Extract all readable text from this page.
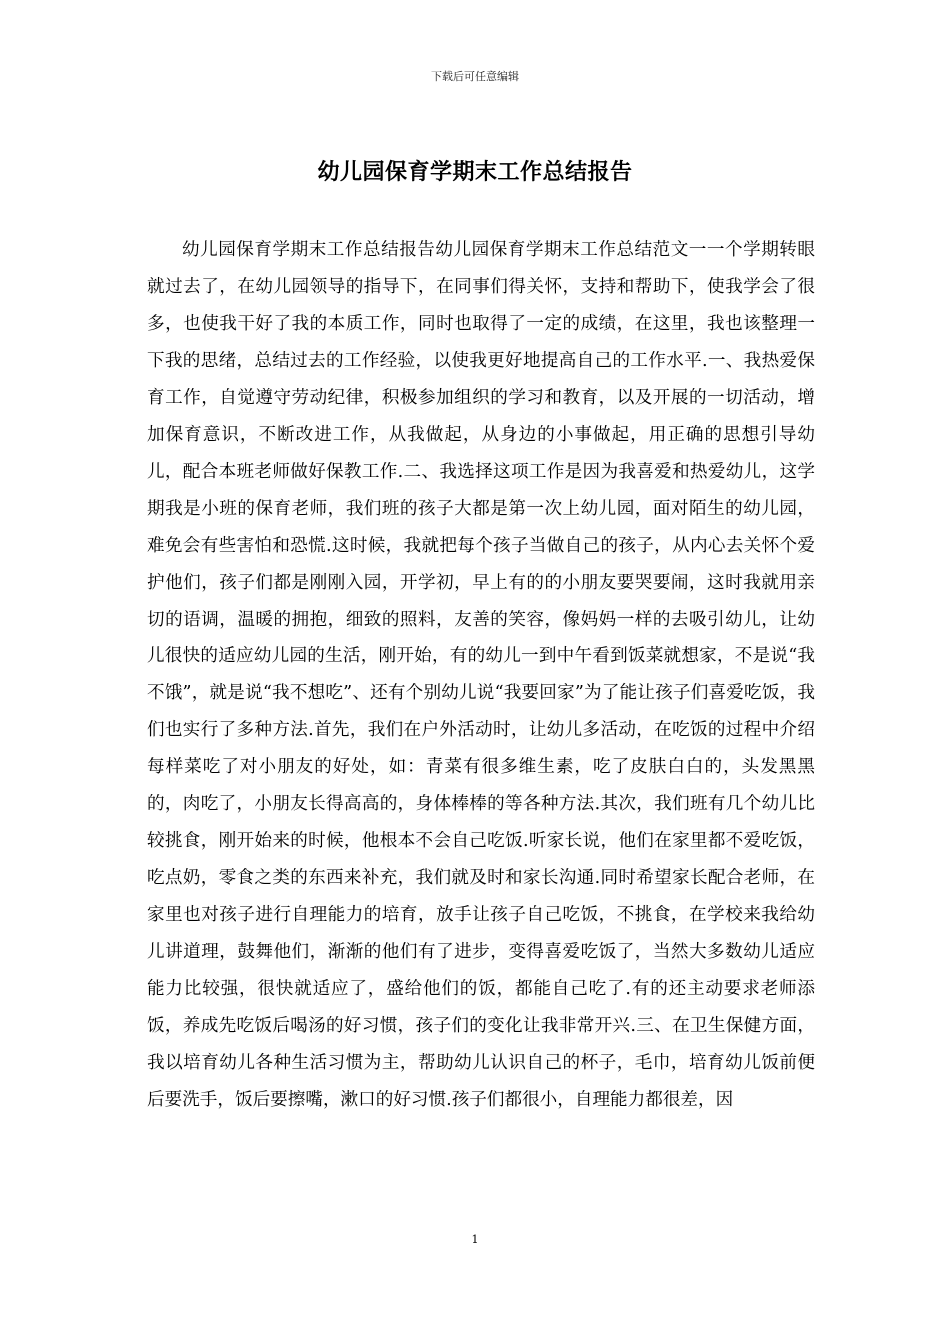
下载后可任意编辑
幼儿园保育学期末工作总结报告

幼儿园保育学期末工作总结报告幼儿园保育学期末工作总结范文一一个学期转眼就过去了，在幼儿园领导的指导下，在同事们得关怀，支持和帮助下，使我学会了很多，也使我干好了我的本质工作，同时也取得了一定的成绩，在这里，我也该整理一下我的思绪，总结过去的工作经验，以使我更好地提高自己的工作水平.一、我热爱保育工作，自觉遵守劳动纪律，积极参加组织的学习和教育，以及开展的一切活动，增加保育意识，不断改进工作，从我做起，从身边的小事做起，用正确的思想引导幼儿，配合本班老师做好保教工作.二、我选择这项工作是因为我喜爱和热爱幼儿，这学期我是小班的保育老师，我们班的孩子大都是第一次上幼儿园，面对陌生的幼儿园，难免会有些害怕和恐慌.这时候，我就把每个孩子当做自己的孩子，从内心去关怀个爱护他们，孩子们都是刚刚入园，开学初，早上有的的小朋友要哭要闹，这时我就用亲切的语调，温暖的拥抱，细致的照料，友善的笑容，像妈妈一样的去吸引幼儿，让幼儿很快的适应幼儿园的生活，刚开始，有的幼儿一到中午看到饭菜就想家，不是说“我不饿”，就是说“我不想吃”、还有个别幼儿说“我要回家”为了能让孩子们喜爱吃饭，我们也实行了多种方法.首先，我们在户外活动时，让幼儿多活动，在吃饭的过程中介绍每样菜吃了对小朋友的好处，如：青菜有很多维生素，吃了皮肤白白的，头发黑黑的，肉吃了，小朋友长得高高的，身体棒棒的等各种方法.其次，我们班有几个幼儿比较挑食，刚开始来的时候，他根本不会自己吃饭.听家长说，他们在家里都不爱吃饭，吃点奶，零食之类的东西来补充，我们就及时和家长沟通.同时希望家长配合老师，在家里也对孩子进行自理能力的培育，放手让孩子自己吃饭，不挑食，在学校来我给幼儿讲道理，鼓舞他们，渐渐的他们有了进步，变得喜爱吃饭了，当然大多数幼儿适应能力比较强，很快就适应了，盛给他们的饭，都能自己吃了.有的还主动要求老师添饭，养成先吃饭后喝汤的好习惯，孩子们的变化让我非常开兴.三、在卫生保健方面，我以培育幼儿各种生活习惯为主，帮助幼儿认识自己的杯子，毛巾，培育幼儿饭前便后要洗手，饭后要擦嘴，漱口的好习惯.孩子们都很小，自理能力都很差，因

1
